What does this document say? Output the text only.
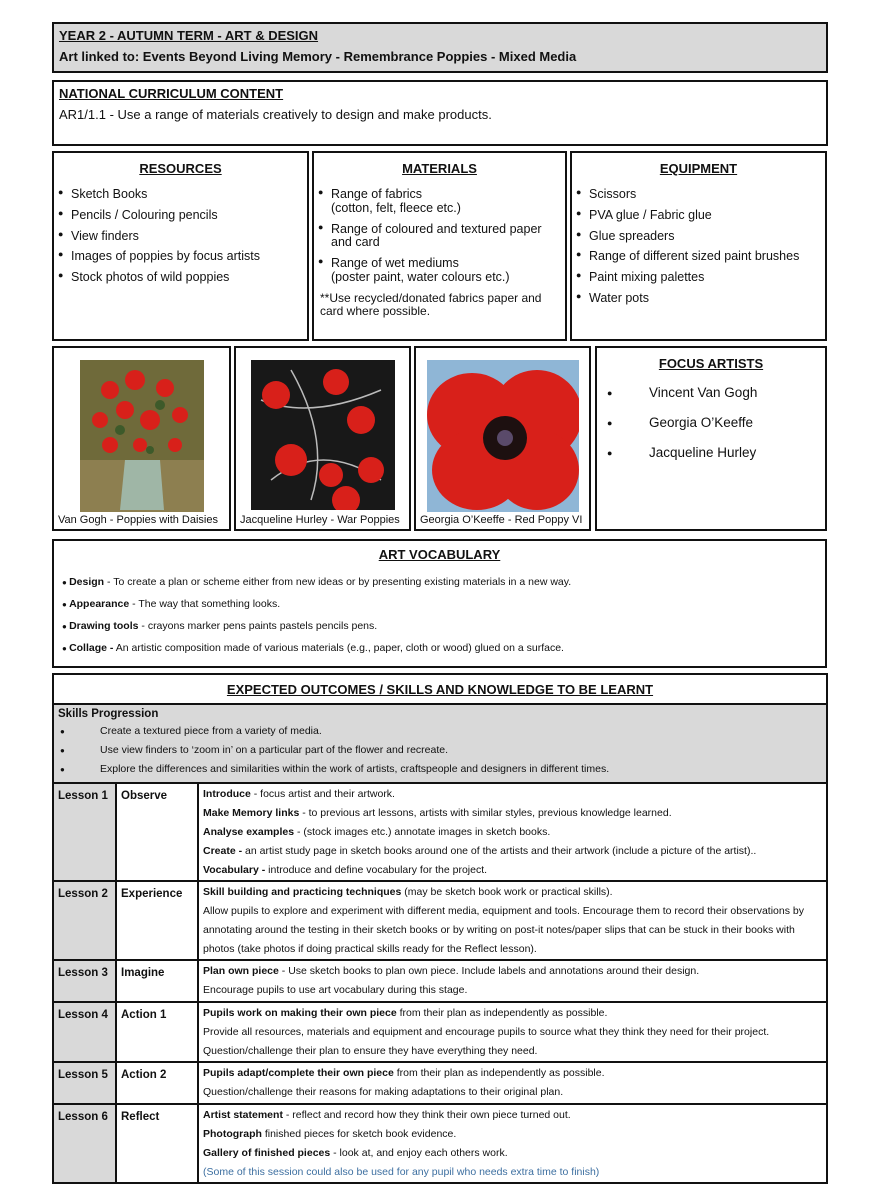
YEAR 2 - AUTUMN TERM - ART & DESIGN
Art linked to: Events Beyond Living Memory - Remembrance Poppies - Mixed Media
NATIONAL CURRICULUM CONTENT
AR1/1.1 - Use a range of materials creatively to design and make products.
RESOURCES
● Sketch Books
● Pencils / Colouring pencils
● View finders
● Images of poppies by focus artists
● Stock photos of wild poppies
MATERIALS
● Range of fabrics
(cotton, felt, fleece etc.)
● Range of coloured and textured paper and card
● Range of wet mediums
(poster paint, water colours etc.)
**Use recycled/donated fabrics paper and card where possible.
EQUIPMENT
● Scissors
● PVA glue / Fabric glue
● Glue spreaders
● Range of different sized paint brushes
● Paint mixing palettes
● Water pots
Van Gogh - Poppies with Daisies Jacqueline Hurley - War Poppies Georgia O’Keeffe - Red Poppy VI
FOCUS ARTISTS
●	Vincent Van Gogh
●	Georgia O’Keeffe
●	Jacqueline Hurley
ART VOCABULARY

● Design - To create a plan or scheme either from new ideas or by presenting existing materials in a new way.

● Appearance - The way that something looks.

● Drawing tools - crayons marker pens paints pastels pencils pens.

● Collage - An artistic composition made of various materials (e.g., paper, cloth or wood) glued on a surface.

EXPECTED OUTCOMES / SKILLS AND KNOWLEDGE TO BE LEARNT
Skills Progression
●	Create a textured piece from a variety of media.
●	Use view finders to ‘zoom in’ on a particular part of the flower and recreate.
●	Explore the differences and similarities within the work of artists, craftspeople and designers in different times.
Lesson 1	Observe	Introduce - focus artist and their artwork.
Make Memory links - to previous art lessons, artists with similar styles, previous knowledge learned.
Analyse examples - (stock images etc.) annotate images in sketch books.
Create - an artist study page in sketch books around one of the artists and their artwork (include a picture of the artist)..
Vocabulary - introduce and define vocabulary for the project.

Lesson 2	Experience	Skill building and practicing techniques (may be sketch book work or practical skills).
Allow pupils to explore and experiment with different media, equipment and tools. Encourage them to record their observations by annotating around the testing in their sketch books or by writing on post-it notes/paper slips that can be stuck in their books with photos (take photos if doing practical skills ready for the Reflect lesson).

Lesson 3	Imagine	Plan own piece - Use sketch books to plan own piece. Include labels and annotations around their design.
Encourage pupils to use art vocabulary during this stage.

Lesson 4	Action 1	Pupils work on making their own piece from their plan as independently as possible.
Provide all resources, materials and equipment and encourage pupils to source what they think they need for their project. Question/challenge their plan to ensure they have everything they need.

Lesson 5	Action 2	Pupils adapt/complete their own piece from their plan as independently as possible.
Question/challenge their reasons for making adaptations to their original plan.

Lesson 6	Reflect	Artist statement - reflect and record how they think their own piece turned out.
Photograph finished pieces for sketch book evidence.
Gallery of finished pieces - look at, and enjoy each others work.
(Some of this session could also be used for any pupil who needs extra time to finish)
